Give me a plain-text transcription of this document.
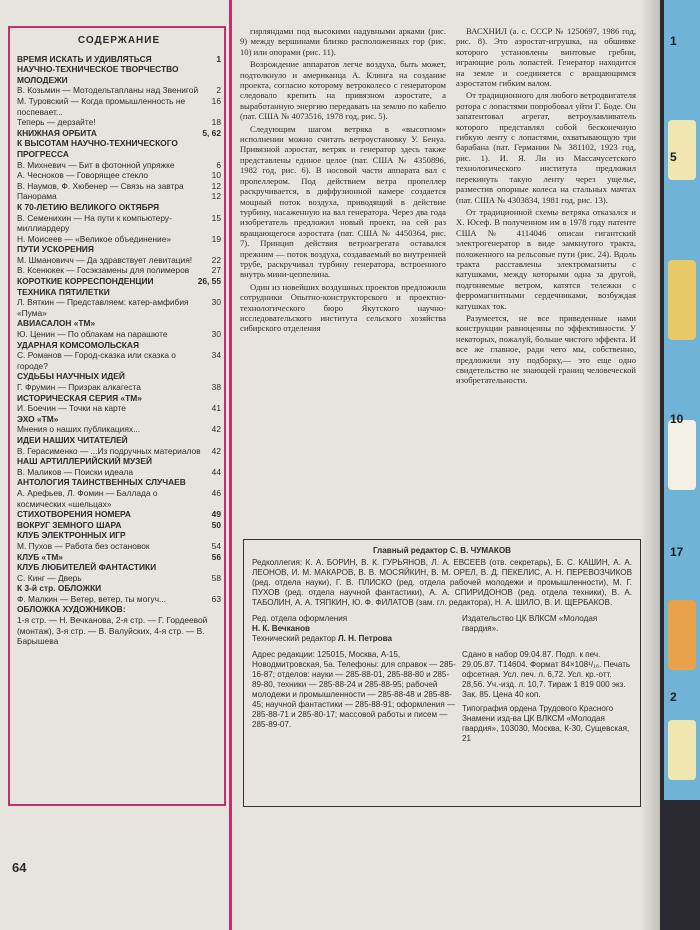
СОДЕРЖАНИЕ
ВРЕМЯ ИСКАТЬ И УДИВЛЯТЬСЯ	1
НАУЧНО-ТЕХНИЧЕСКОЕ ТВОРЧЕСТВО МОЛОДЕЖИ
В. Козьмин — Мотодельтапланы над Звенигой	2
М. Туровский — Когда промышленность не поспевает...
16
Теперь — дерзайте!	18
КНИЖНАЯ ОРБИТА	5, 62
К ВЫСОТАМ НАУЧНО-ТЕХНИЧЕСКОГО ПРОГРЕССА
В. Михневич — Бит в фотонной упряжке	6
А. Чесноков — Говорящее стекло	10
В. Наумов, Ф. Хюбенер — Связь на завтра	12
Панорама	12
К 70-ЛЕТИЮ ВЕЛИКОГО ОКТЯБРЯ
В. Семенихин — На пути к компьютеру-миллиардеру
15
Н. Моисеев — «Великое объединение»	19
ПУТИ УСКОРЕНИЯ
М. Шмановичч — Да здравствует левитация!	22
В. Ксенюкек — Госэкзамены для полимеров	27
КОРОТКИЕ КОРРЕСПОНДЕНЦИИ	26, 55
ТЕХНИКА ПЯТИЛЕТКИ
Л. Вяткин — Представляем: катер-амфибия «Пума»
30
АВИАСАЛОН «ТМ»
Ю. Ценин — По облакам на парашюте	30
УДАРНАЯ КОМСОМОЛЬСКАЯ
С. Романов — Город-сказка или сказка о городе?
34
СУДЬБЫ НАУЧНЫХ ИДЕЙ
Г. Фрумин — Призрак алкагеста	38
ИСТОРИЧЕСКАЯ СЕРИЯ «ТМ»
И. Боечин — Точки на карте	41
ЭХО «ТМ»
Мнения о наших публикациях...	42
ИДЕИ НАШИХ ЧИТАТЕЛЕЙ
В. Герасименко — ...Из подручных материалов	42
НАШ АРТИЛЛЕРИЙСКИЙ МУЗЕЙ
В. Маликов — Поиски идеала	44
АНТОЛОГИЯ ТАИНСТВЕННЫХ СЛУЧАЕВ
А. Арефьев, Л. Фомин — Баллада о космических «шельцах»
46
СТИХОТВОРЕНИЯ НОМЕРА	49
ВОКРУГ ЗЕМНОГО ШАРА	50
КЛУБ ЭЛЕКТРОННЫХ ИГР
М. Пухов — Работа без остановок	54
КЛУБ «ТМ»	56
КЛУБ ЛЮБИТЕЛЕЙ ФАНТАСТИКИ
С. Кинг — Дверь	58
К 3-й стр. ОБЛОЖКИ
Ф. Малкин — Ветер, ветер, ты могуч...	63
ОБЛОЖКА ХУДОЖНИКОВ:
1-я стр. — Н. Вечканова, 2-я стр. — Г. Гордеевой (монтаж), 3-я стр. — В. Валуйских, 4-я стр. — В. Барышева
64

гирляндами под высокими надувными арками (рис. 9) между вершинами близко расположенных гор (рис. 10) или опорами (рис. 11).

Возрождение аппаратов легче воздуха, быть может, подтолкнуло и американца А. Клинга на создание проекта, согласно которому ветроколесо с генератором следовало крепить на привязном аэростате, а выработанную энергию передавать на землю по кабелю (пат. США № 4073516, 1978 год, рис. 5).

Следующим шагом ветряка в «высотном» исполнении можно считать ветроустановку У. Бенуа. Привязной аэростат, ветряк и генератор здесь также представлены единое целое (пат. США № 4350896, 1982 год, рис. 6). В носовой части аппарата вал с пропеллером. Под действием ветра пропеллер раскручивается, в диффузионной камере создается мощный поток воздуха, приводящий в действие турбину, насаженную на вал генератора. Через два года изобретатель предложил новый проект, на сей раз вращающегося аэростата (пат. США № 4450364, рис. 7). Принцип действия ветроагрегата оставался прежним — поток воздуха, создаваемый во внутренней трубе, раскручивал турбину генератора, встроенного внутрь мини-цеппелина.

Один из новейших воздушных проектов предложили сотрудники Опытно-конструкторского и проектно-технологического бюро Якутского научно-исследовательского института сельского хозяйства сибирского отделения

ВАСХНИЛ (а. с. СССР № 1250697, 1986 год, рис. 8). Это аэростат-игрушка, на обшивке которого установлены винтовые гребни, играющие роль лопастей. Генератор находится на земле и соединяется с вращающимся аэростатом гибким валом.

От традиционного для любого ветродвигателя ротора с лопастями попробовал уйти Г. Боде. Он запатентовал агрегат, ветроулавливатель которого представлял собой бесконечную гибкую ленту с лопастями, охватывающую три барабана (пат. Германии № 381102, 1923 год, рис. 1). И. Я. Ли из Массачусетского технологического института предложил перекинуть такую ленту через ущелье, разместив опорные колеса на стальных мачтах (пат. США № 4303834, 1981 год, рис. 13).

От традиционной схемы ветряка отказался и Х. Юсеф. В полученном им в 1978 году патенте США № 4114046 описан гигантский электрогенератор в виде замкнутого тракта, положенного на рельсовые пути (рис. 24). Вдоль тракта расставлены электромагниты с катушками, между которыми одна за другой, подгоняемые ветром, катятся тележки с ферромагнитными сердечниками, возбуждая катушках ток.

Разумеется, не все приведенные нами конструкции равноценны по эффективности. У некоторых, пожалуй, больше чистого эффекта. И все же главное, ради чего мы, собственно, предложили эту подборку,— это еще одно свидетельство не знающей границ человеческой изобретательности.

Главный редактор С. В. ЧУМАКОВ
Редколлегия: К. А. БОРИН, В. К. ГУРЬЯНОВ, Л. А. ЕВСЕЕВ (отв. секретарь), Б. С. КАШИН, А. А. ЛЕОНОВ, И. М. МАКАРОВ, В. В. МОСЯЙКИН, В. М. ОРЕЛ, В. Д. ПЕКЕЛИС, А. Н. ПЕРЕВОЗЧИКОВ (ред. отдела науки), Г. В. ПЛИСКО (ред. отдела рабочей молодежи и промышленности), М. Г. ПУХОВ (ред. отдела научной фантастики), А. А. СПИРИДОНОВ (ред. отдела техники), В. А. ТАБОЛИН, А. А. ТЯПКИН, Ю. Ф. ФИЛАТОВ (зам. гл. редактора), Н. А. ШИЛО, В. И. ЩЕРБАКОВ.
Ред. отдела оформления
Н. К. Вечканов
Технический редактор Л. Н. Петрова
Издательство ЦК ВЛКСМ «Молодая гвардия».
Адрес редакции: 125015, Москва, А-15, Новодмитровская, 5а. Телефоны: для справок — 285-16-87; отделов: науки — 285-88-01, 285-88-80 и 285-89-80, техники — 285-88-24 и 285-88-95; рабочей молодежи и промышленности — 285-88-48 и 285-88-45; научной фантастики — 285-88-91; оформления — 285-88-71 и 285-80-17; массовой работы и писем — 285-89-07.
Сдано в набор 09.04.87. Подп. к печ. 29.05.87. Т14604. Формат 84×108¹/₁₆. Печать офсетная. Усл. печ. л. 6,72. Усл. кр.-отт. 28,56. Уч.-изд. л. 10,7. Тираж 1 819 000 экз. Зак. 85. Цена 40 коп.
Типография ордена Трудового Красного Знамени изд-ва ЦК ВЛКСМ «Молодая гвардия», 103030, Москва, К-30, Сущевская, 21
1
5
10
17
2
